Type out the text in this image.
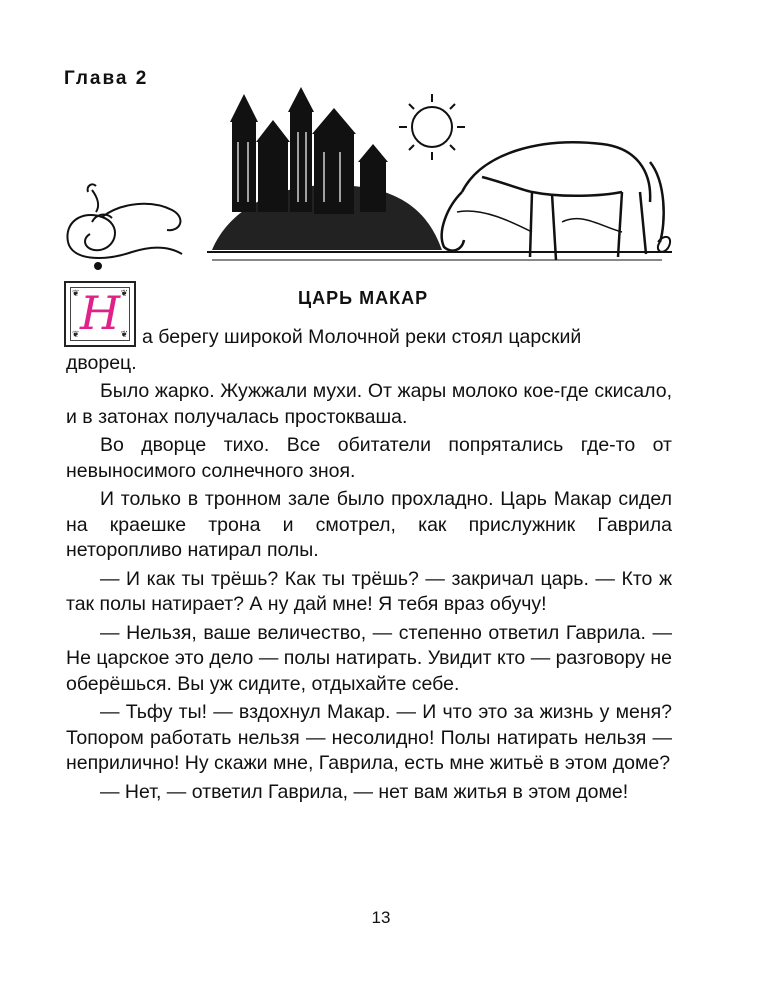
Глава 2
ЦАРЬ МАКАР
❦	❦
❦	❦
Н	а берегу широкой Молочной реки стоял царский

дворец.

Было жарко. Жужжали мухи. От жары молоко кое-где скисало, и в затонах получалась простокваша.

Во дворце тихо. Все обитатели попрятались где-то от невыносимого солнечного зноя.

И только в тронном зале было прохладно. Царь Макар сидел на краешке трона и смотрел, как прислужник Гаврила неторопливо натирал полы.

— И как ты трёшь? Как ты трёшь? — закричал царь. — Кто ж так полы натирает? А ну дай мне! Я тебя враз обучу!

— Нельзя, ваше величество, — степенно ответил Гаврила. — Не царское это дело — полы натирать. Увидит кто — разговору не оберёшься. Вы уж сидите, отдыхайте себе.

— Тьфу ты! — вздохнул Макар. — И что это за жизнь у меня? Топором работать нельзя — несолидно! Полы натирать нельзя — неприлично! Ну скажи мне, Гаврила, есть мне житьё в этом доме?

— Нет, — ответил Гаврила, — нет вам житья в этом доме!

13
